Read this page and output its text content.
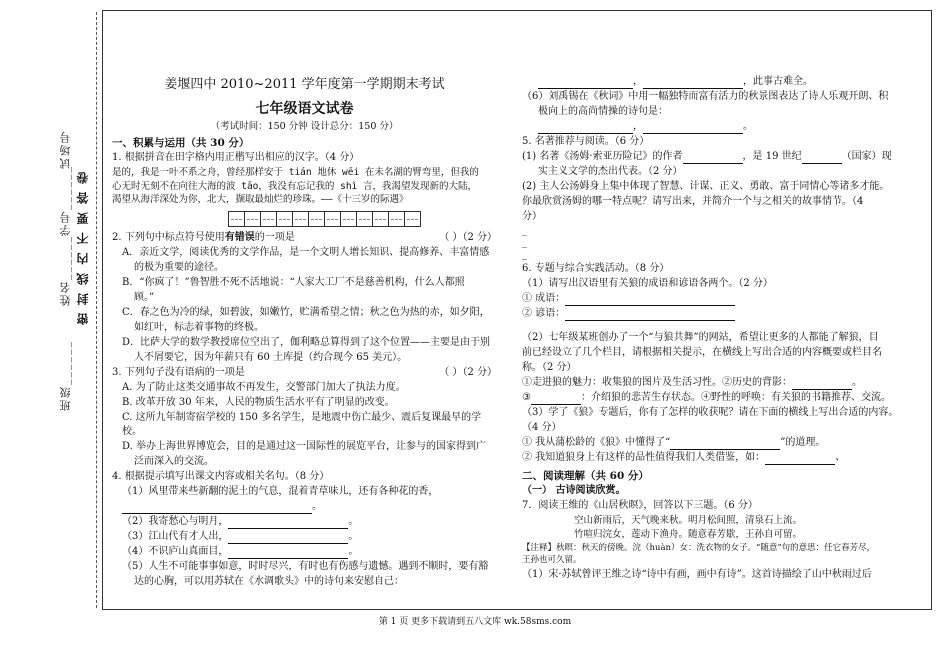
试场号
班级______
姓名______
学号______ 密 封 线 内 不 要 答 卷
姜堰四中 2010~2011 学年度第一学期期末考试
七年级语文试卷
（考试时间：150 分钟 设计总分：150 分）
一、积累与运用（共 30 分）
1. 根据拼音在田字格内用正楷写出相应的汉字。（4 分）
是的，我是一叶不系之舟，曾经那样安于 tián 地休 wēi 在未名湖的臂弯里，但我的
心无时无刻不在向往大海的波 tāo，我没有忘记我的 shì 言，我渴望发现新的大陆，
渴望从海洋深处为你，北大，撷取最灿烂的珍珠。——《十三岁的际遇》
2. 下列句中标点符号使用有错误的一项是	（ ）（2 分）
A．亲近文学，阅读优秀的文学作品，是一个文明人增长知识、提高修养、丰富情感
的极为重要的途径。
B．“你疯了！”鲁智胜不死不活地说：“人家大工厂不是慈善机构，什么人都照
顾。”
C．春之色为冷的绿，如碧波，如嫩竹，贮满希望之情；秋之色为热的赤，如夕阳，
如红叶，标志着事物的终极。
D．比萨大学的数学教授席位空出了，伽利略总算得到了这个位置——主要是由于别
人不屑要它，因为年薪只有 60 土库提（约合现今 65 美元）。
3. 下列句子没有语病的一项是	（ ）（2 分）
A. 为了防止这类交通事故不再发生，交警部门加大了执法力度。
B. 改革开放 30 年来，人民的物质生活水平有了明显的改变。
C. 这所九年制寄宿学校的 150 多名学生，是地震中伤亡最少、震后复课最早的学校。
D. 举办上海世界博览会，目的是通过这一国际性的展览平台，让参与的国家得到广
泛而深入的交流。
4. 根据提示填写出课文内容或相关名句。（8 分）
（1）风里带来些新翻的泥土的气息，混着青草味儿，还有各种花的香，
。
（2）我寄愁心与明月，	。
（3）江山代有才人出，	。
（4）不识庐山真面目，	。
（5）人生不可能事事如意，时时尽兴，有时也有伤感与遗憾。遇到不顺时，要有豁
达的心胸，可以用苏轼在《水调歌头》中的诗句来安慰自己：
，	，此事古难全。
（6）刘禹锡在《秋词》中用一幅独特而富有活力的秋景图表达了诗人乐观开朗、积
极向上的高尚情操的诗句是：
，	。
5. 名著推荐与阅读。（6 分）
(1) 名著《汤姆·索亚历险记》的作者	，是 19 世纪	（国家）现
实主义文学的杰出代表。（2 分）
(2) 主人公汤姆身上集中体现了智慧、计谋、正义、勇敢、富于同情心等诸多才能。
你最欣赏汤姆的哪一特点呢？请写出来，并简介一个与之相关的故事情节。（4
分）
_
_
_
6. 专题与综合实践活动。（8 分）
（1）请写出汉语里有关狼的成语和谚语各两个。（2 分）
① 成语：
② 谚语：
（2）七年级某班创办了一个“与狼共舞”的网站，希望让更多的人都能了解狼，目
前已经设立了几个栏目，请根据相关提示，在横线上写出合适的内容概要或栏目名
称。（2 分）
①走进狼的魅力：收集狼的图片及生活习性。②历史的背影：	。
③	：介绍狼的悲苦生存状态。④野性的呼唤：有关狼的书籍推荐、交流。
（3）学了《狼》专题后，你有了怎样的收获呢？请在下面的横线上写出合适的内容。
（4 分）
① 我从蒲松龄的《狼》中懂得了“	”的道理。
② 我知道狼身上有这样的品性值得我们人类借鉴，如：	、
二、阅读理解（共 60 分）
（一） 古诗阅读欣赏。
7．阅读王维的《山居秋暝》，回答以下三题。（6 分）
空山新雨后，天气晚来秋。明月松间照，清泉石上流。
竹喧归浣女，莲动下渔舟。随意春芳歇，王孙自可留。
【注释】秋暝：秋天的傍晚。浣（huàn）女：洗衣物的女子。“随意”句的意思：任它春芳尽，
王孙也可久留。
（1）宋·苏轼曾评王维之诗“诗中有画，画中有诗”。这首诗描绘了山中秋雨过后
第 1 页 更多下载请到五八文库 wk.58sms.com
